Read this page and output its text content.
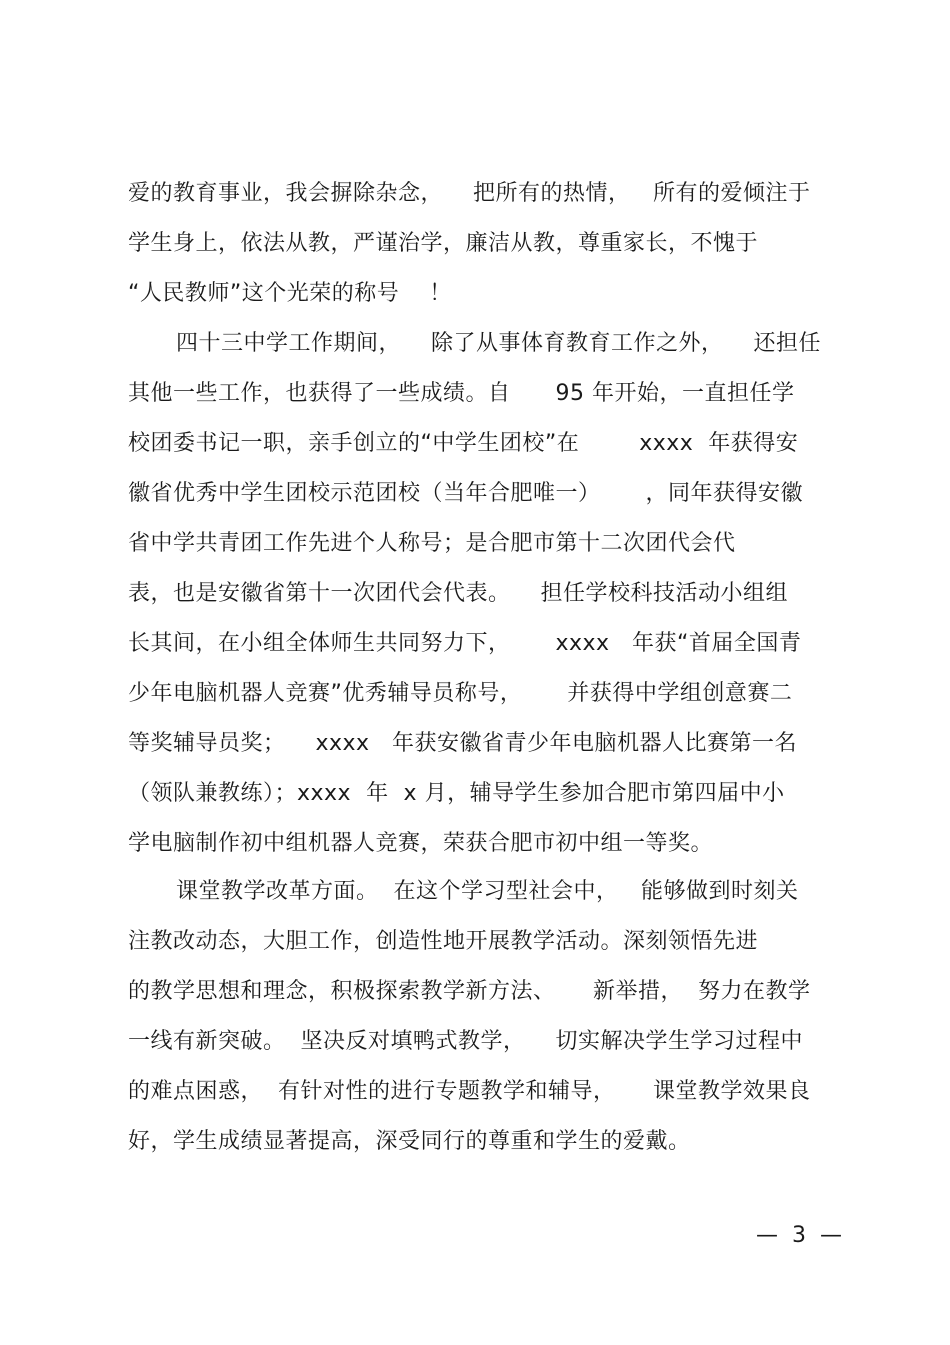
爱的教育事业，我会摒除杂念，    把所有的热情，   所有的爱倾注于
学生身上，依法从教，严谨治学，廉洁从教，尊重家长，不愧于
“人民教师”这个光荣的称号    ！
四十三中学工作期间，    除了从事体育教育工作之外，    还担任
其他一些工作，也获得了一些成绩。自      95 年开始，一直担任学
校团委书记一职，亲手创立的“中学生团校”在        xxxx  年获得安
徽省优秀中学生团校示范团校（当年合肥唯一）      ，同年获得安徽
省中学共青团工作先进个人称号；是合肥市第十二次团代会代
表，也是安徽省第十一次团代会代表。    担任学校科技活动小组组
长其间，在小组全体师生共同努力下，      xxxx   年获“首届全国青
少年电脑机器人竞赛”优秀辅导员称号，      并获得中学组创意赛二
等奖辅导员奖；    xxxx   年获安徽省青少年电脑机器人比赛第一名
（领队兼教练）；xxxx  年  x 月，辅导学生参加合肥市第四届中小
学电脑制作初中组机器人竞赛，荣获合肥市初中组一等奖。
课堂教学改革方面。  在这个学习型社会中，   能够做到时刻关
注教改动态，大胆工作，创造性地开展教学活动。深刻领悟先进
的教学思想和理念，积极探索教学新方法、     新举措，  努力在教学
一线有新突破。  坚决反对填鸭式教学，    切实解决学生学习过程中
的难点困惑，  有针对性的进行专题教学和辅导，     课堂教学效果良
好，学生成绩显著提高，深受同行的尊重和学生的爱戴。
—  3  —
